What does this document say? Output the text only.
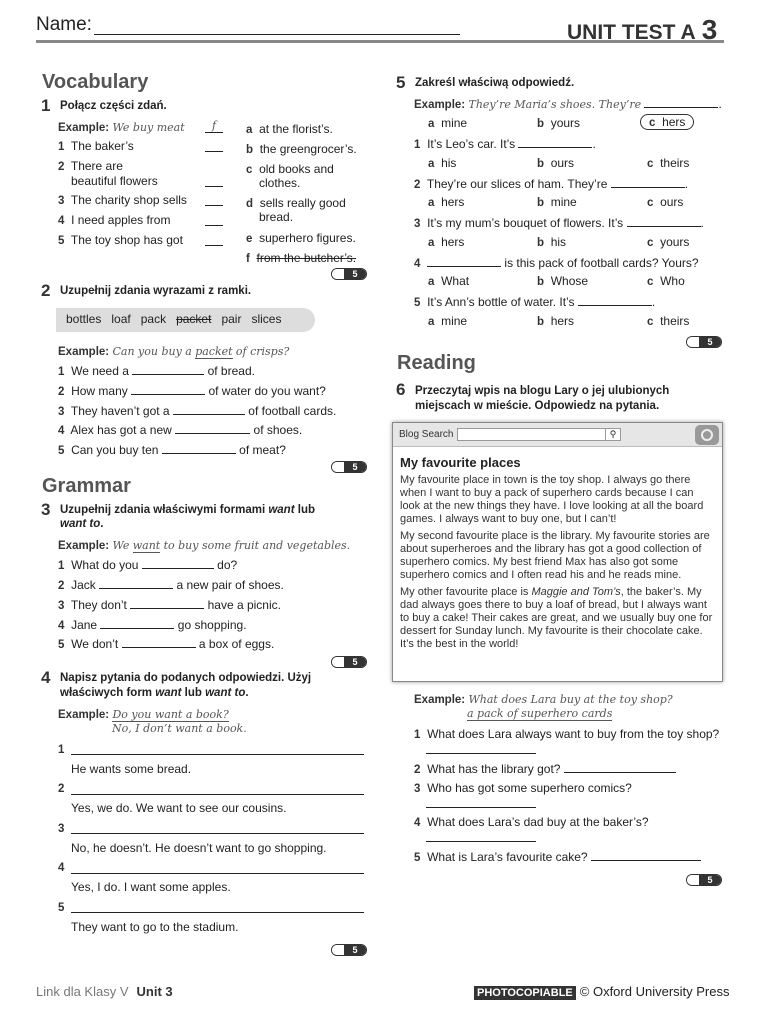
Name:	UNIT TEST A 3
Vocabulary
1 Połącz części zdań.
Example: We buy meat	f
1 The baker’s
2 There are
beautiful flowers
3 The charity shop sells
4 I need apples from
5 The toy shop has got
a at the florist’s.
b the greengrocer’s.
c old books and
clothes.
d sells really good
bread.
e superhero figures.
f from the butcher’s.
5
2 Uzupełnij zdania wyrazami z ramki.
bottles loaf pack packet pair slices
Example: Can you buy a packet of crisps?
1 We need a	of bread.
2 How many	of water do you want?
3 They haven’t got a	of football cards.
4 Alex has got a new	of shoes.
5 Can you buy ten	of meat?
5
Grammar
3 Uzupełnij zdania właściwymi formami want lub
want to.
Example: We want to buy some fruit and vegetables.
1 What do you	do?
2 Jack	a new pair of shoes.
3 They don’t	have a picnic.
4 Jane	go shopping.
5 We don’t	a box of eggs.
5
4 Napisz pytania do podanych odpowiedzi. Użyj
właściwych form want lub want to.
Example: Do you want a book?
No, I don’t want a book.
1
He wants some bread.
2
Yes, we do. We want to see our cousins.
3
No, he doesn’t. He doesn’t want to go shopping.
4
Yes, I do. I want some apples.
5
They want to go to the stadium.
5
5 Zakreśl właściwą odpowiedź.
Example: They’re Maria’s shoes. They’re	.
a mine	b yours	c hers
1 It’s Leo’s car. It’s	.
a his	b ours	c theirs
2 They’re our slices of ham. They’re	.
a hers	b mine	c ours
3 It’s my mum’s bouquet of flowers. It’s	.
a hers	b his	c yours
4	is this pack of football cards? Yours?
a What	b Whose	c Who
5 It’s Ann’s bottle of water. It’s	.
a mine	b hers	c theirs
5
Reading
6 Przeczytaj wpis na blogu Lary o jej ulubionych
miejscach w mieście. Odpowiedz na pytania.
Blog Search	⚲
My favourite places

My favourite place in town is the toy shop. I always go there when I want to buy a pack of superhero cards because I can look at the new things they have. I love looking at all the board games. I always want to buy one, but I can’t!

My second favourite place is the library. My favourite stories are about superheroes and the library has got a good collection of superhero comics. My best friend Max has also got some superhero comics and I often read his and he reads mine.

My other favourite place is Maggie and Tom’s, the baker’s. My dad always goes there to buy a loaf of bread, but I always want to buy a cake! Their cakes are great, and we usually buy one for dessert for Sunday lunch. My favourite is their chocolate cake. It’s the best in the world!

Example: What does Lara buy at the toy shop?
a pack of superhero cards
1 What does Lara always want to buy from the toy shop?
2 What has the library got?
3 Who has got some superhero comics?
4 What does Lara’s dad buy at the baker’s?
5 What is Lara’s favourite cake?
5
Link dla Klasy V Unit 3	PHOTOCOPIABLE © Oxford University Press
